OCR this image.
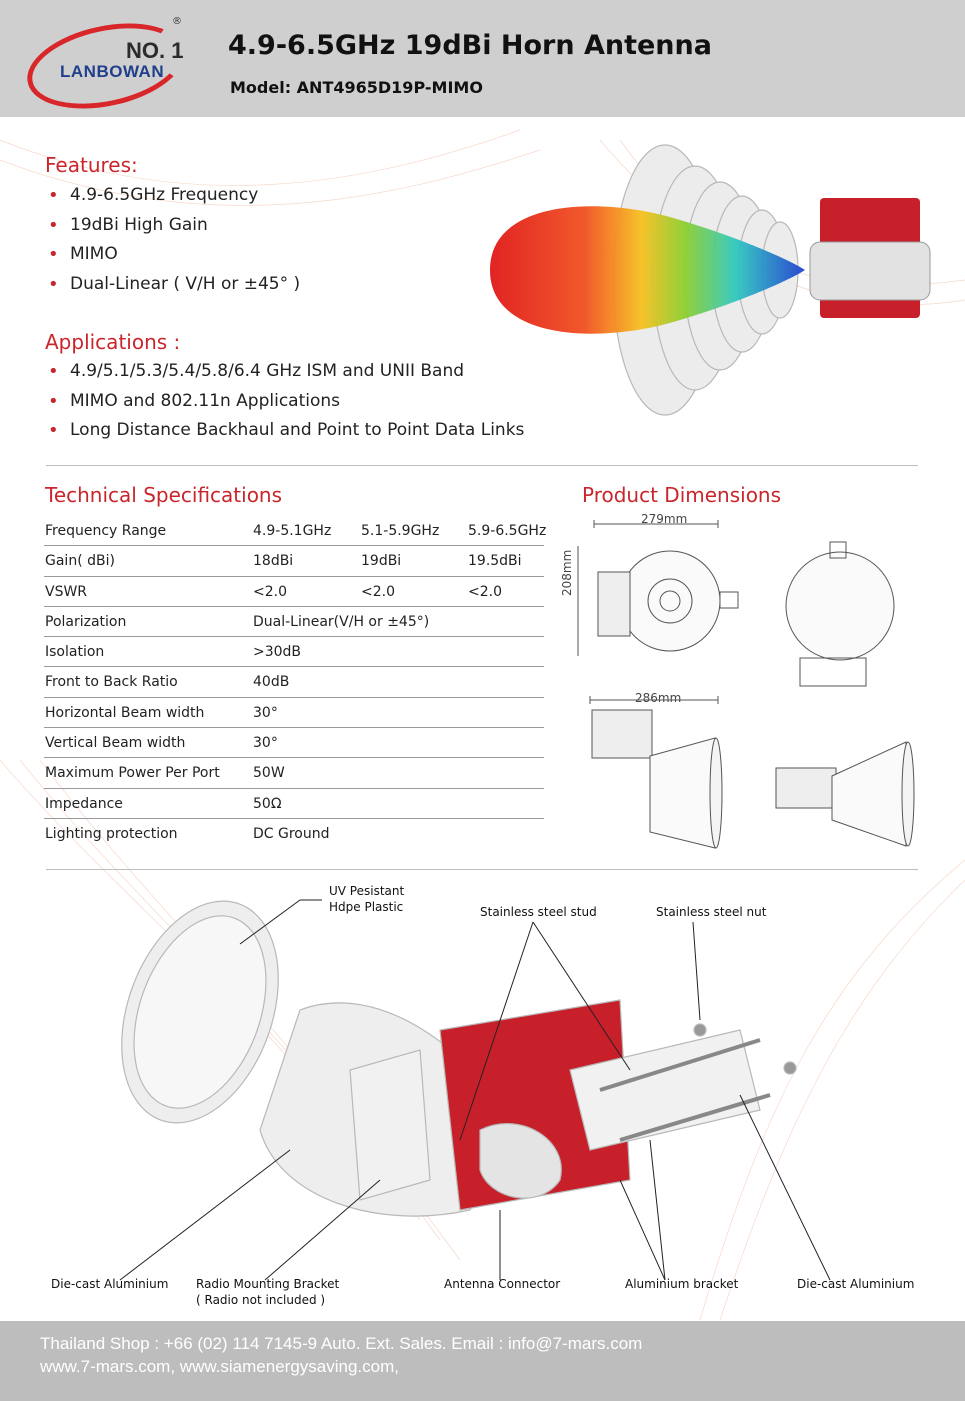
NO. 1
LANBOWAN
®
4.9-6.5GHz 19dBi Horn Antenna
Model: ANT4965D19P-MIMO
Features:
• 4.9-6.5GHz Frequency
• 19dBi High Gain
• MIMO
• Dual-Linear ( V/H or ±45° )
Applications :
• 4.9/5.1/5.3/5.4/5.8/6.4 GHz ISM and UNII Band
• MIMO and 802.11n Applications
• Long Distance Backhaul and Point to Point Data Links
Technical Specifications
Frequency Range	4.9-5.1GHz 5.1-5.9GHz 5.9-6.5GHz
Gain( dBi)	18dBi	19dBi	19.5dBi
VSWR	<2.0	<2.0	<2.0
Polarization	Dual-Linear(V/H or ±45°)
Isolation	>30dB
Front to Back Ratio	40dB
Horizontal Beam width	30°
Vertical Beam width	30°
Maximum Power Per Port 50W
Impedance	50Ω
Lighting protection	DC Ground
Product Dimensions
279mm
208mm
286mm
UV Pesistant
Hdpe Plastic	Stainless steel stud	Stainless steel nut
Die-cast Aluminium Radio Mounting Bracket
( Radio not included )
Antenna Connector	Aluminium bracket	Die-cast Aluminium
Thailand Shop : +66 (02) 114 7145-9 Auto. Ext. Sales. Email : info@7-mars.com
www.7-mars.com, www.siamenergysaving.com,
